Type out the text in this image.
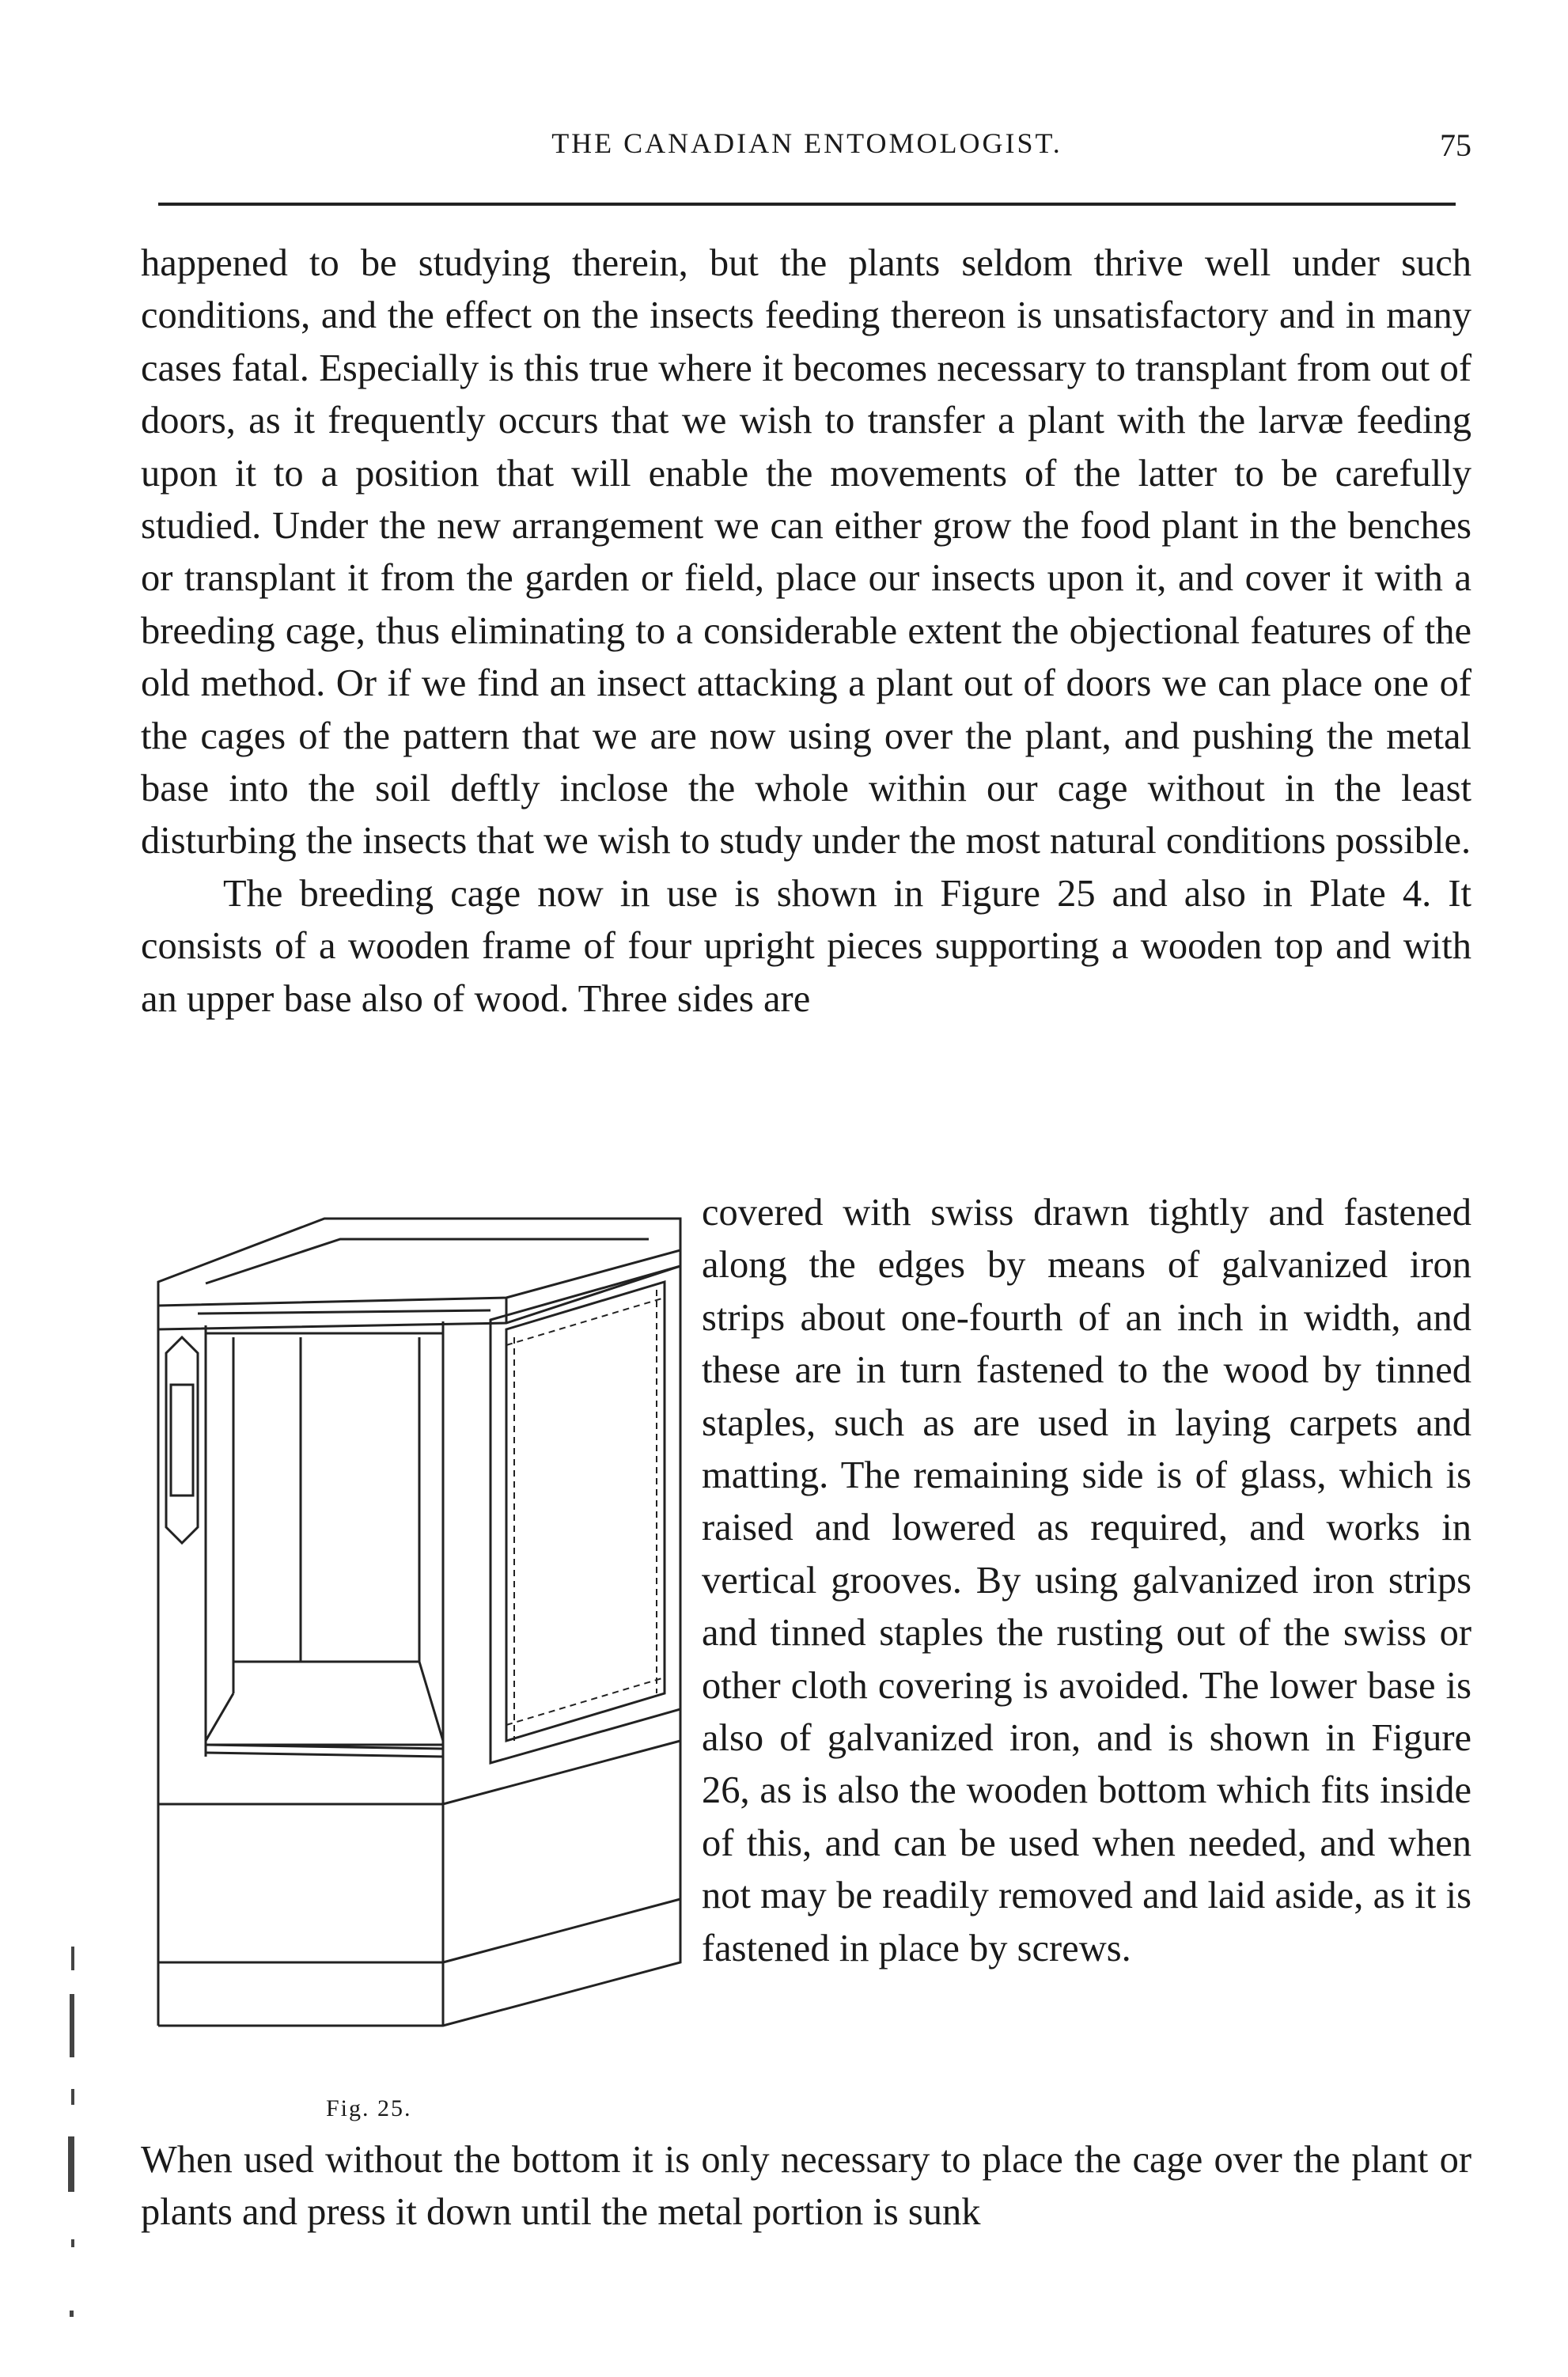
THE CANADIAN ENTOMOLOGIST.	75

happened to be studying therein, but the plants seldom thrive well under such conditions, and the effect on the insects feeding thereon is unsatisfactory and in many cases fatal. Especially is this true where it becomes necessary to transplant from out of doors, as it frequently occurs that we wish to transfer a plant with the larvæ feeding upon it to a position that will enable the movements of the latter to be carefully studied. Under the new arrangement we can either grow the food plant in the benches or transplant it from the garden or field, place our insects upon it, and cover it with a breeding cage, thus eliminating to a considerable extent the objectional features of the old method. Or if we find an insect attacking a plant out of doors we can place one of the cages of the pattern that we are now using over the plant, and pushing the metal base into the soil deftly inclose the whole within our cage without in the least disturbing the insects that we wish to study under the most natural conditions possible.

The breeding cage now in use is shown in Figure 25 and also in Plate 4. It consists of a wooden frame of four upright pieces supporting a wooden top and with an upper base also of wood. Three sides are

Fig. 25.

covered with swiss drawn tightly and fastened along the edges by means of galvanized iron strips about one-fourth of an inch in width, and these are in turn fastened to the wood by tinned staples, such as are used in laying carpets and matting. The remaining side is of glass, which is raised and lowered as required, and works in vertical grooves. By using galvanized iron strips and tinned staples the rusting out of the swiss or other cloth covering is avoided. The lower base is also of galvanized iron, and is shown in Figure 26, as is also the wooden bottom which fits inside of this, and can be used when needed, and when not may be readily removed and laid aside, as it is fastened in place by screws.

When used without the bottom it is only necessary to place the cage over the plant or plants and press it down until the metal portion is sunk
